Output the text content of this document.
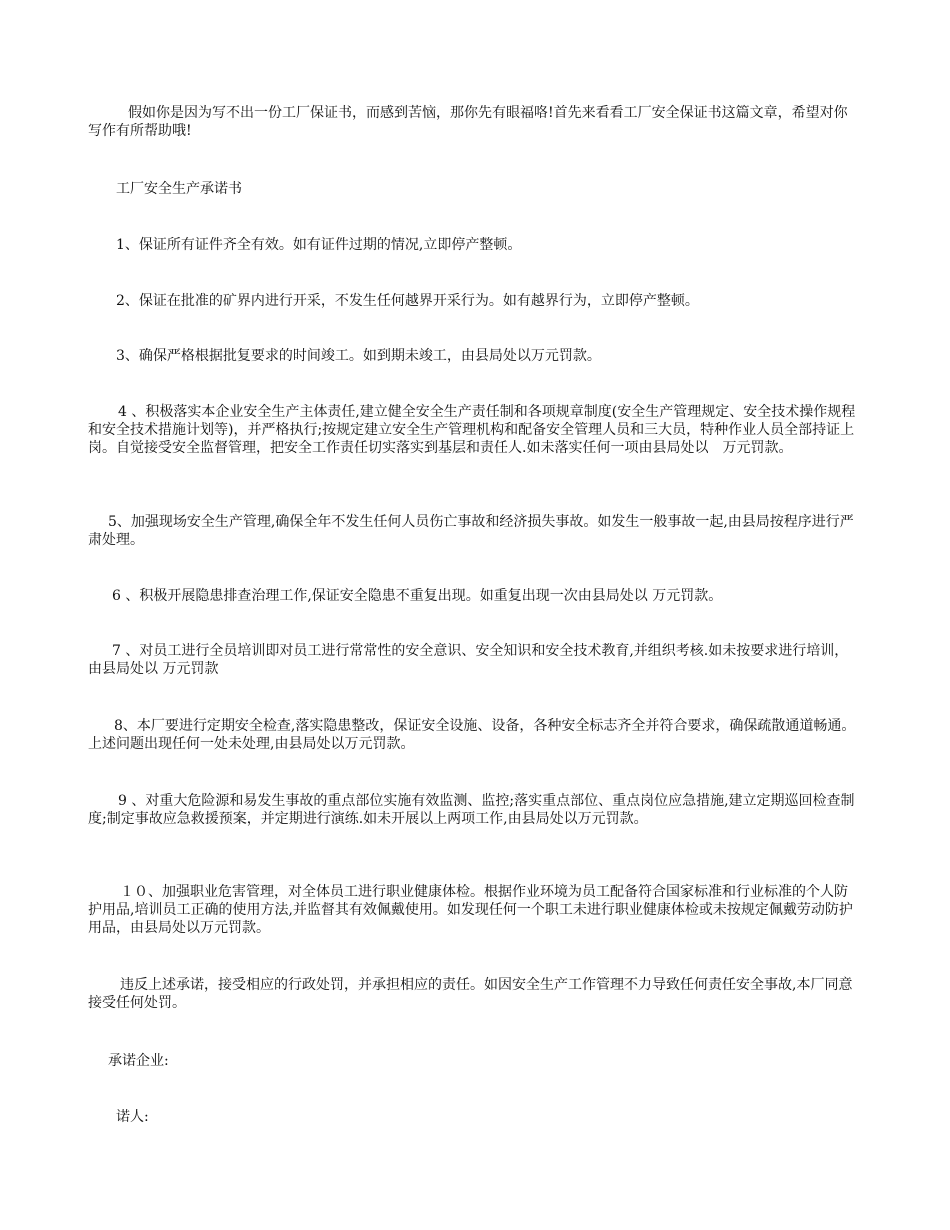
假如你是因为写不出一份工厂保证书，而感到苦恼，那你先有眼福咯!首先来看看工厂安全保证书这篇文章，希望对你写作有所帮助哦!

工厂安全生产承诺书

1、保证所有证件齐全有效。如有证件过期的情况,立即停产整顿。

2、保证在批准的矿界内进行开采，不发生任何越界开采行为。如有越界行为，立即停产整顿。

3、确保严格根据批复要求的时间竣工。如到期未竣工，由县局处以万元罚款。

4 、积极落实本企业安全生产主体责任,建立健全安全生产责任制和各项规章制度(安全生产管理规定、安全技术操作规程和安全技术措施计划等)，并严格执行;按规定建立安全生产管理机构和配备安全管理人员和三大员，特种作业人员全部持证上岗。自觉接受安全监督管理，把安全工作责任切实落实到基层和责任人.如未落实任何一项由县局处以　万元罚款。

5、加强现场安全生产管理,确保全年不发生任何人员伤亡事故和经济损失事故。如发生一般事故一起,由县局按程序进行严肃处理。

6 、积极开展隐患排查治理工作,保证安全隐患不重复出现。如重复出现一次由县局处以 万元罚款。

7 、对员工进行全员培训即对员工进行常常性的安全意识、安全知识和安全技术教育,并组织考核.如未按要求进行培训，由县局处以 万元罚款

8、本厂要进行定期安全检查,落实隐患整改，保证安全设施、设备，各种安全标志齐全并符合要求，确保疏散通道畅通。上述问题出现任何一处未处理,由县局处以万元罚款。

9 、对重大危险源和易发生事故的重点部位实施有效监测、监控;落实重点部位、重点岗位应急措施,建立定期巡回检查制度;制定事故应急救援预案，并定期进行演练.如未开展以上两项工作,由县局处以万元罚款。

１０、加强职业危害管理，对全体员工进行职业健康体检。根据作业环境为员工配备符合国家标准和行业标准的个人防护用品,培训员工正确的使用方法,并监督其有效佩戴使用。如发现任何一个职工未进行职业健康体检或未按规定佩戴劳动防护用品，由县局处以万元罚款。

违反上述承诺，接受相应的行政处罚，并承担相应的责任。如因安全生产工作管理不力导致任何责任安全事故,本厂同意接受任何处罚。

承诺企业:

诺人:
